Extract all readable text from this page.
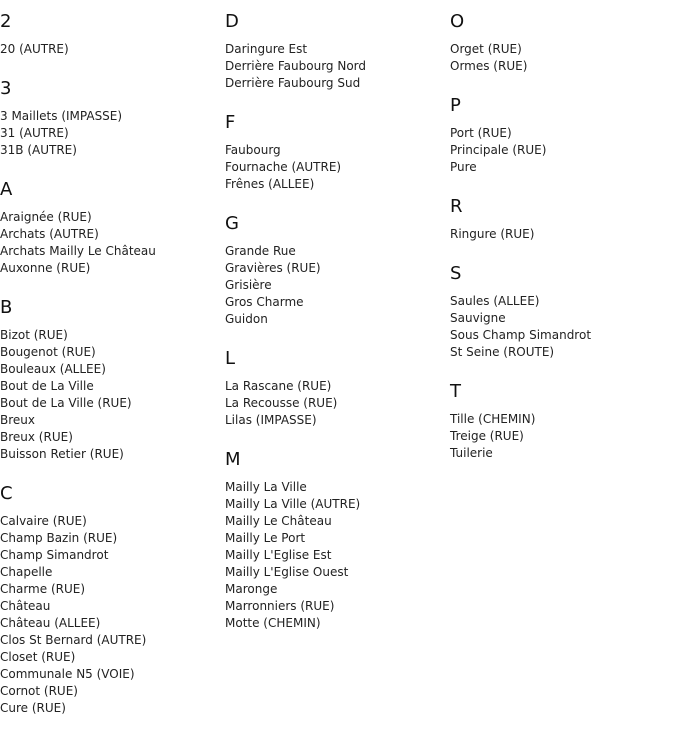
2
20 (AUTRE)
3
3 Maillets (IMPASSE)
31 (AUTRE)
31B (AUTRE)
A
Araignée (RUE)
Archats (AUTRE)
Archats Mailly Le Château
Auxonne (RUE)
B
Bizot (RUE)
Bougenot (RUE)
Bouleaux (ALLEE)
Bout de La Ville
Bout de La Ville (RUE)
Breux
Breux (RUE)
Buisson Retier (RUE)
C
Calvaire (RUE)
Champ Bazin (RUE)
Champ Simandrot
Chapelle
Charme (RUE)
Château
Château (ALLEE)
Clos St Bernard (AUTRE)
Closet (RUE)
Communale N5 (VOIE)
Cornot (RUE)
Cure (RUE)
D
Daringure Est
Derrière Faubourg Nord
Derrière Faubourg Sud
F
Faubourg
Fournache (AUTRE)
Frênes (ALLEE)
G
Grande Rue
Gravières (RUE)
Grisière
Gros Charme
Guidon
L
La Rascane (RUE)
La Recousse (RUE)
Lilas (IMPASSE)
M
Mailly La Ville
Mailly La Ville (AUTRE)
Mailly Le Château
Mailly Le Port
Mailly L'Eglise Est
Mailly L'Eglise Ouest
Maronge
Marronniers (RUE)
Motte (CHEMIN)
O
Orget (RUE)
Ormes (RUE)
P
Port (RUE)
Principale (RUE)
Pure
R
Ringure (RUE)
S
Saules (ALLEE)
Sauvigne
Sous Champ Simandrot
St Seine (ROUTE)
T
Tille (CHEMIN)
Treige (RUE)
Tuilerie
